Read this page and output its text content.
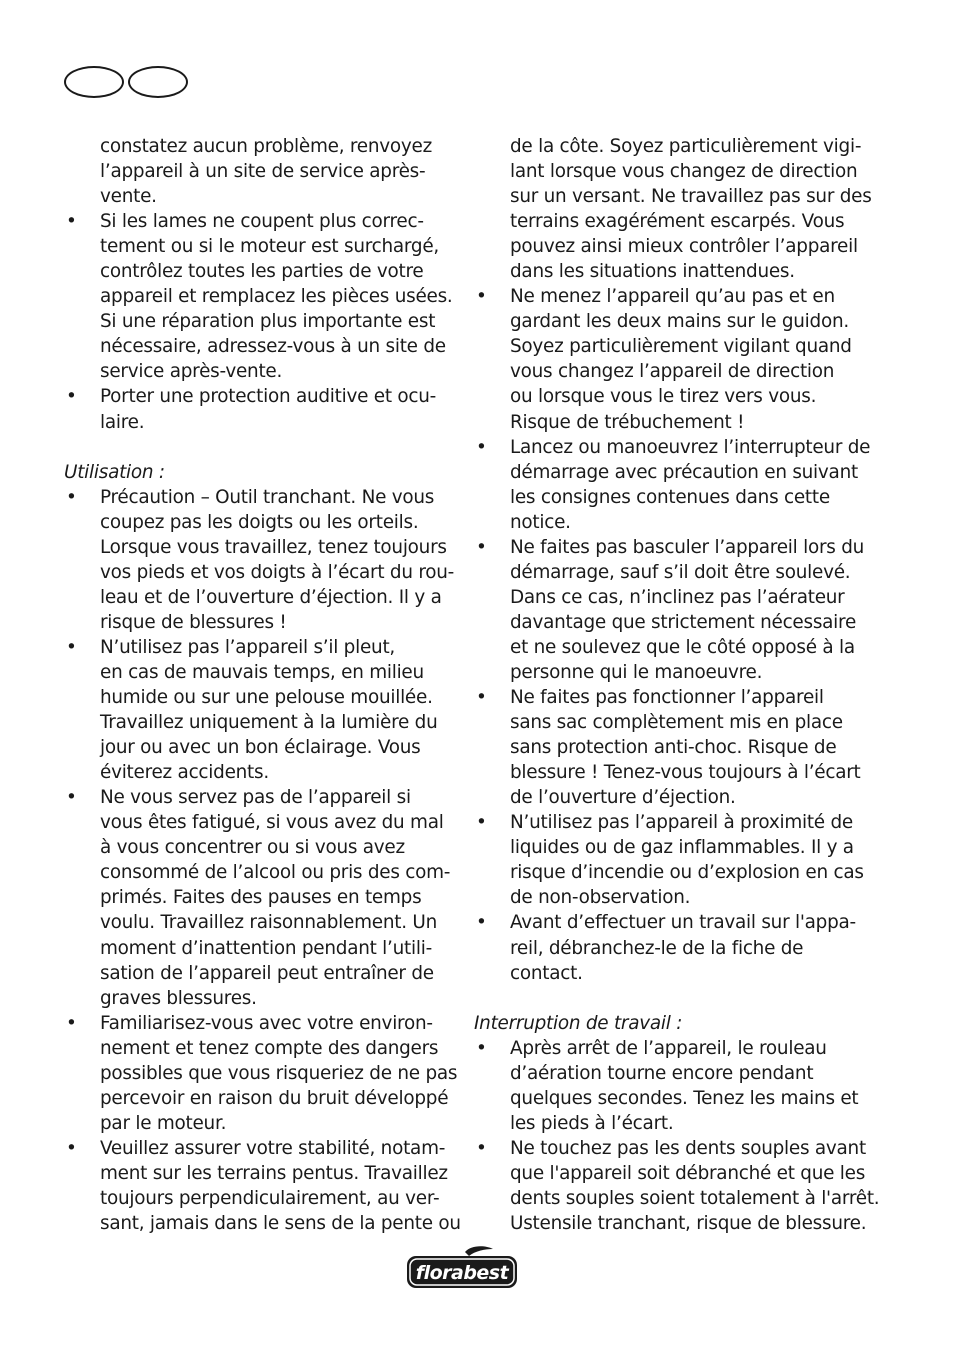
constatez aucun problème, renvoyez
l’appareil à un site de service après-
vente.
• Si les lames ne coupent plus correc-
tement ou si le moteur est surchargé,
contrôlez toutes les parties de votre
appareil et remplacez les pièces usées.
Si une réparation plus importante est
nécessaire, adressez-vous à un site de
service après-vente.
• Porter une protection auditive et ocu-
laire.
Utilisation :
• Précaution – Outil tranchant. Ne vous
coupez pas les doigts ou les orteils.
Lorsque vous travaillez, tenez toujours
vos pieds et vos doigts à l’écart du rou-
leau et de l’ouverture d’éjection. Il y a
risque de blessures !
• N’utilisez pas l’appareil s’il pleut,
en cas de mauvais temps, en milieu
humide ou sur une pelouse mouillée.
Travaillez uniquement à la lumière du
jour ou avec un bon éclairage. Vous
éviterez accidents.
• Ne vous servez pas de l’appareil si
vous êtes fatigué, si vous avez du mal
à vous concentrer ou si vous avez
consommé de l’alcool ou pris des com-
primés. Faites des pauses en temps
voulu. Travaillez raisonnablement. Un
moment d’inattention pendant l’utili-
sation de l’appareil peut entraîner de
graves blessures.
• Familiarisez-vous avec votre environ-
nement et tenez compte des dangers
possibles que vous risqueriez de ne pas
percevoir en raison du bruit développé
par le moteur.
• Veuillez assurer votre stabilité, notam-
ment sur les terrains pentus. Travaillez
toujours perpendiculairement, au ver-
sant, jamais dans le sens de la pente ou
de la côte. Soyez particulièrement vigi-
lant lorsque vous changez de direction
sur un versant. Ne travaillez pas sur des
terrains exagérément escarpés. Vous
pouvez ainsi mieux contrôler l’appareil
dans les situations inattendues.
• Ne menez l’appareil qu’au pas et en
gardant les deux mains sur le guidon.
Soyez particulièrement vigilant quand
vous changez l’appareil de direction
ou lorsque vous le tirez vers vous.
Risque de trébuchement !
• Lancez ou manoeuvrez l’interrupteur de
démarrage avec précaution en suivant
les consignes contenues dans cette
notice.
• Ne faites pas basculer l’appareil lors du
démarrage, sauf s’il doit être soulevé.
Dans ce cas, n’inclinez pas l’aérateur
davantage que strictement nécessaire
et ne soulevez que le côté opposé à la
personne qui le manoeuvre.
• Ne faites pas fonctionner l’appareil
sans sac complètement mis en place
sans protection anti-choc. Risque de
blessure ! Tenez-vous toujours à l’écart
de l’ouverture d’éjection.
• N’utilisez pas l’appareil à proximité de
liquides ou de gaz inflammables. Il y a
risque d’incendie ou d’explosion en cas
de non-observation.
• Avant d’effectuer un travail sur l'appa-
reil, débranchez-le de la fiche de
contact.
Interruption de travail :
• Après arrêt de l’appareil, le rouleau
d’aération tourne encore pendant
quelques secondes. Tenez les mains et
les pieds à l’écart.
• Ne touchez pas les dents souples avant
que l'appareil soit débranché et que les
dents souples soient totalement à l'arrêt.
Ustensile tranchant, risque de blessure.
florabest
